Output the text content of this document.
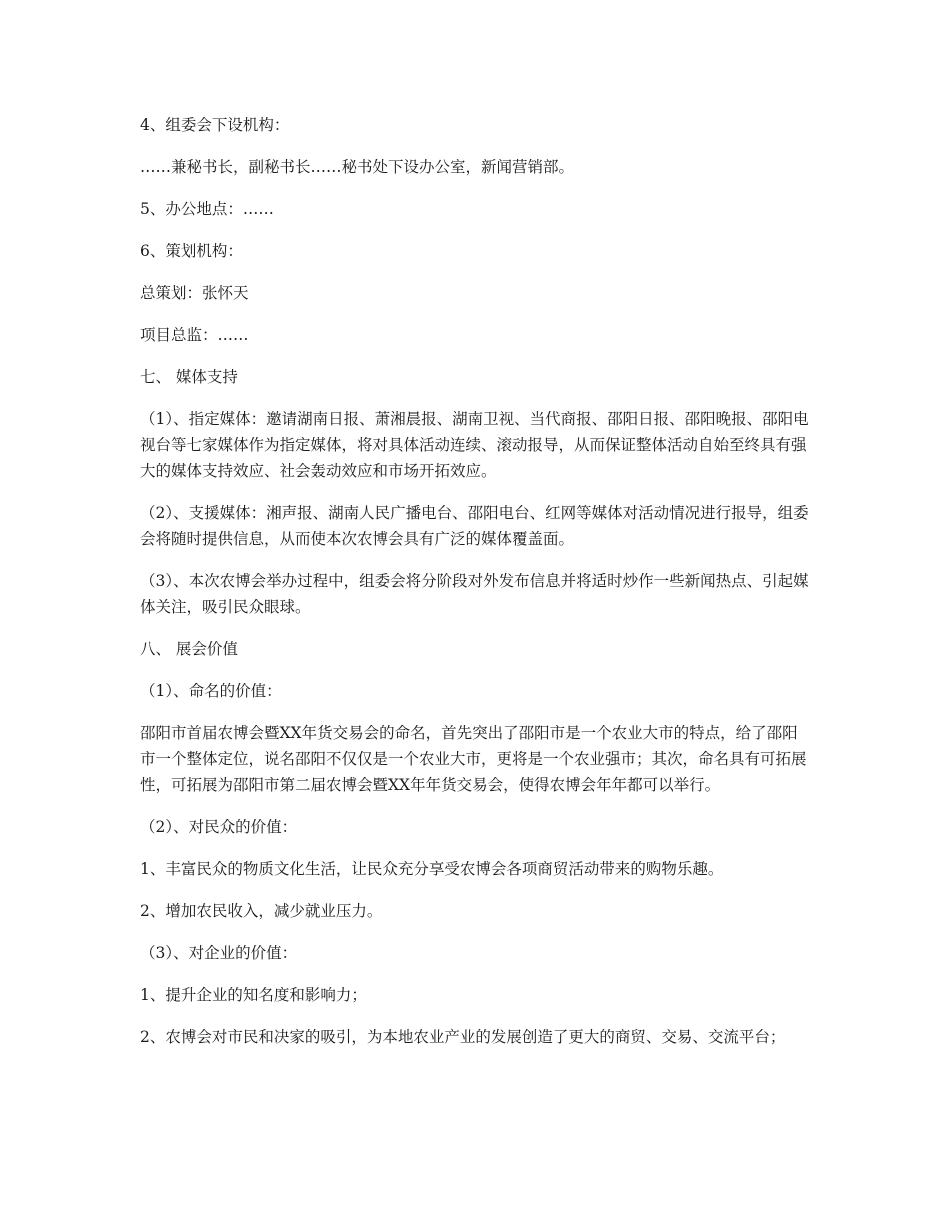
4、组委会下设机构：

……兼秘书长，副秘书长……秘书处下设办公室，新闻营销部。

5、办公地点：……

6、策划机构：

总策划：张怀天

项目总监：……

七、 媒体支持

（1）、指定媒体：邀请湖南日报、萧湘晨报、湖南卫视、当代商报、邵阳日报、邵阳晚报、邵阳电视台等七家媒体作为指定媒体，将对具体活动连续、滚动报导，从而保证整体活动自始至终具有强大的媒体支持效应、社会轰动效应和市场开拓效应。

（2）、支援媒体：湘声报、湖南人民广播电台、邵阳电台、红网等媒体对活动情况进行报导，组委会将随时提供信息，从而使本次农博会具有广泛的媒体覆盖面。

（3）、本次农博会举办过程中，组委会将分阶段对外发布信息并将适时炒作一些新闻热点、引起媒体关注，吸引民众眼球。

八、 展会价值

（1）、命名的价值：

邵阳市首届农博会暨XX年货交易会的命名，首先突出了邵阳市是一个农业大市的特点，给了邵阳市一个整体定位，说名邵阳不仅仅是一个农业大市，更将是一个农业强市；其次，命名具有可拓展性，可拓展为邵阳市第二届农博会暨XX年年货交易会，使得农博会年年都可以举行。

（2）、对民众的价值：

1、丰富民众的物质文化生活，让民众充分享受农博会各项商贸活动带来的购物乐趣。

2、增加农民收入，减少就业压力。

（3）、对企业的价值：

1、提升企业的知名度和影响力；

2、农博会对市民和决家的吸引，为本地农业产业的发展创造了更大的商贸、交易、交流平台；
